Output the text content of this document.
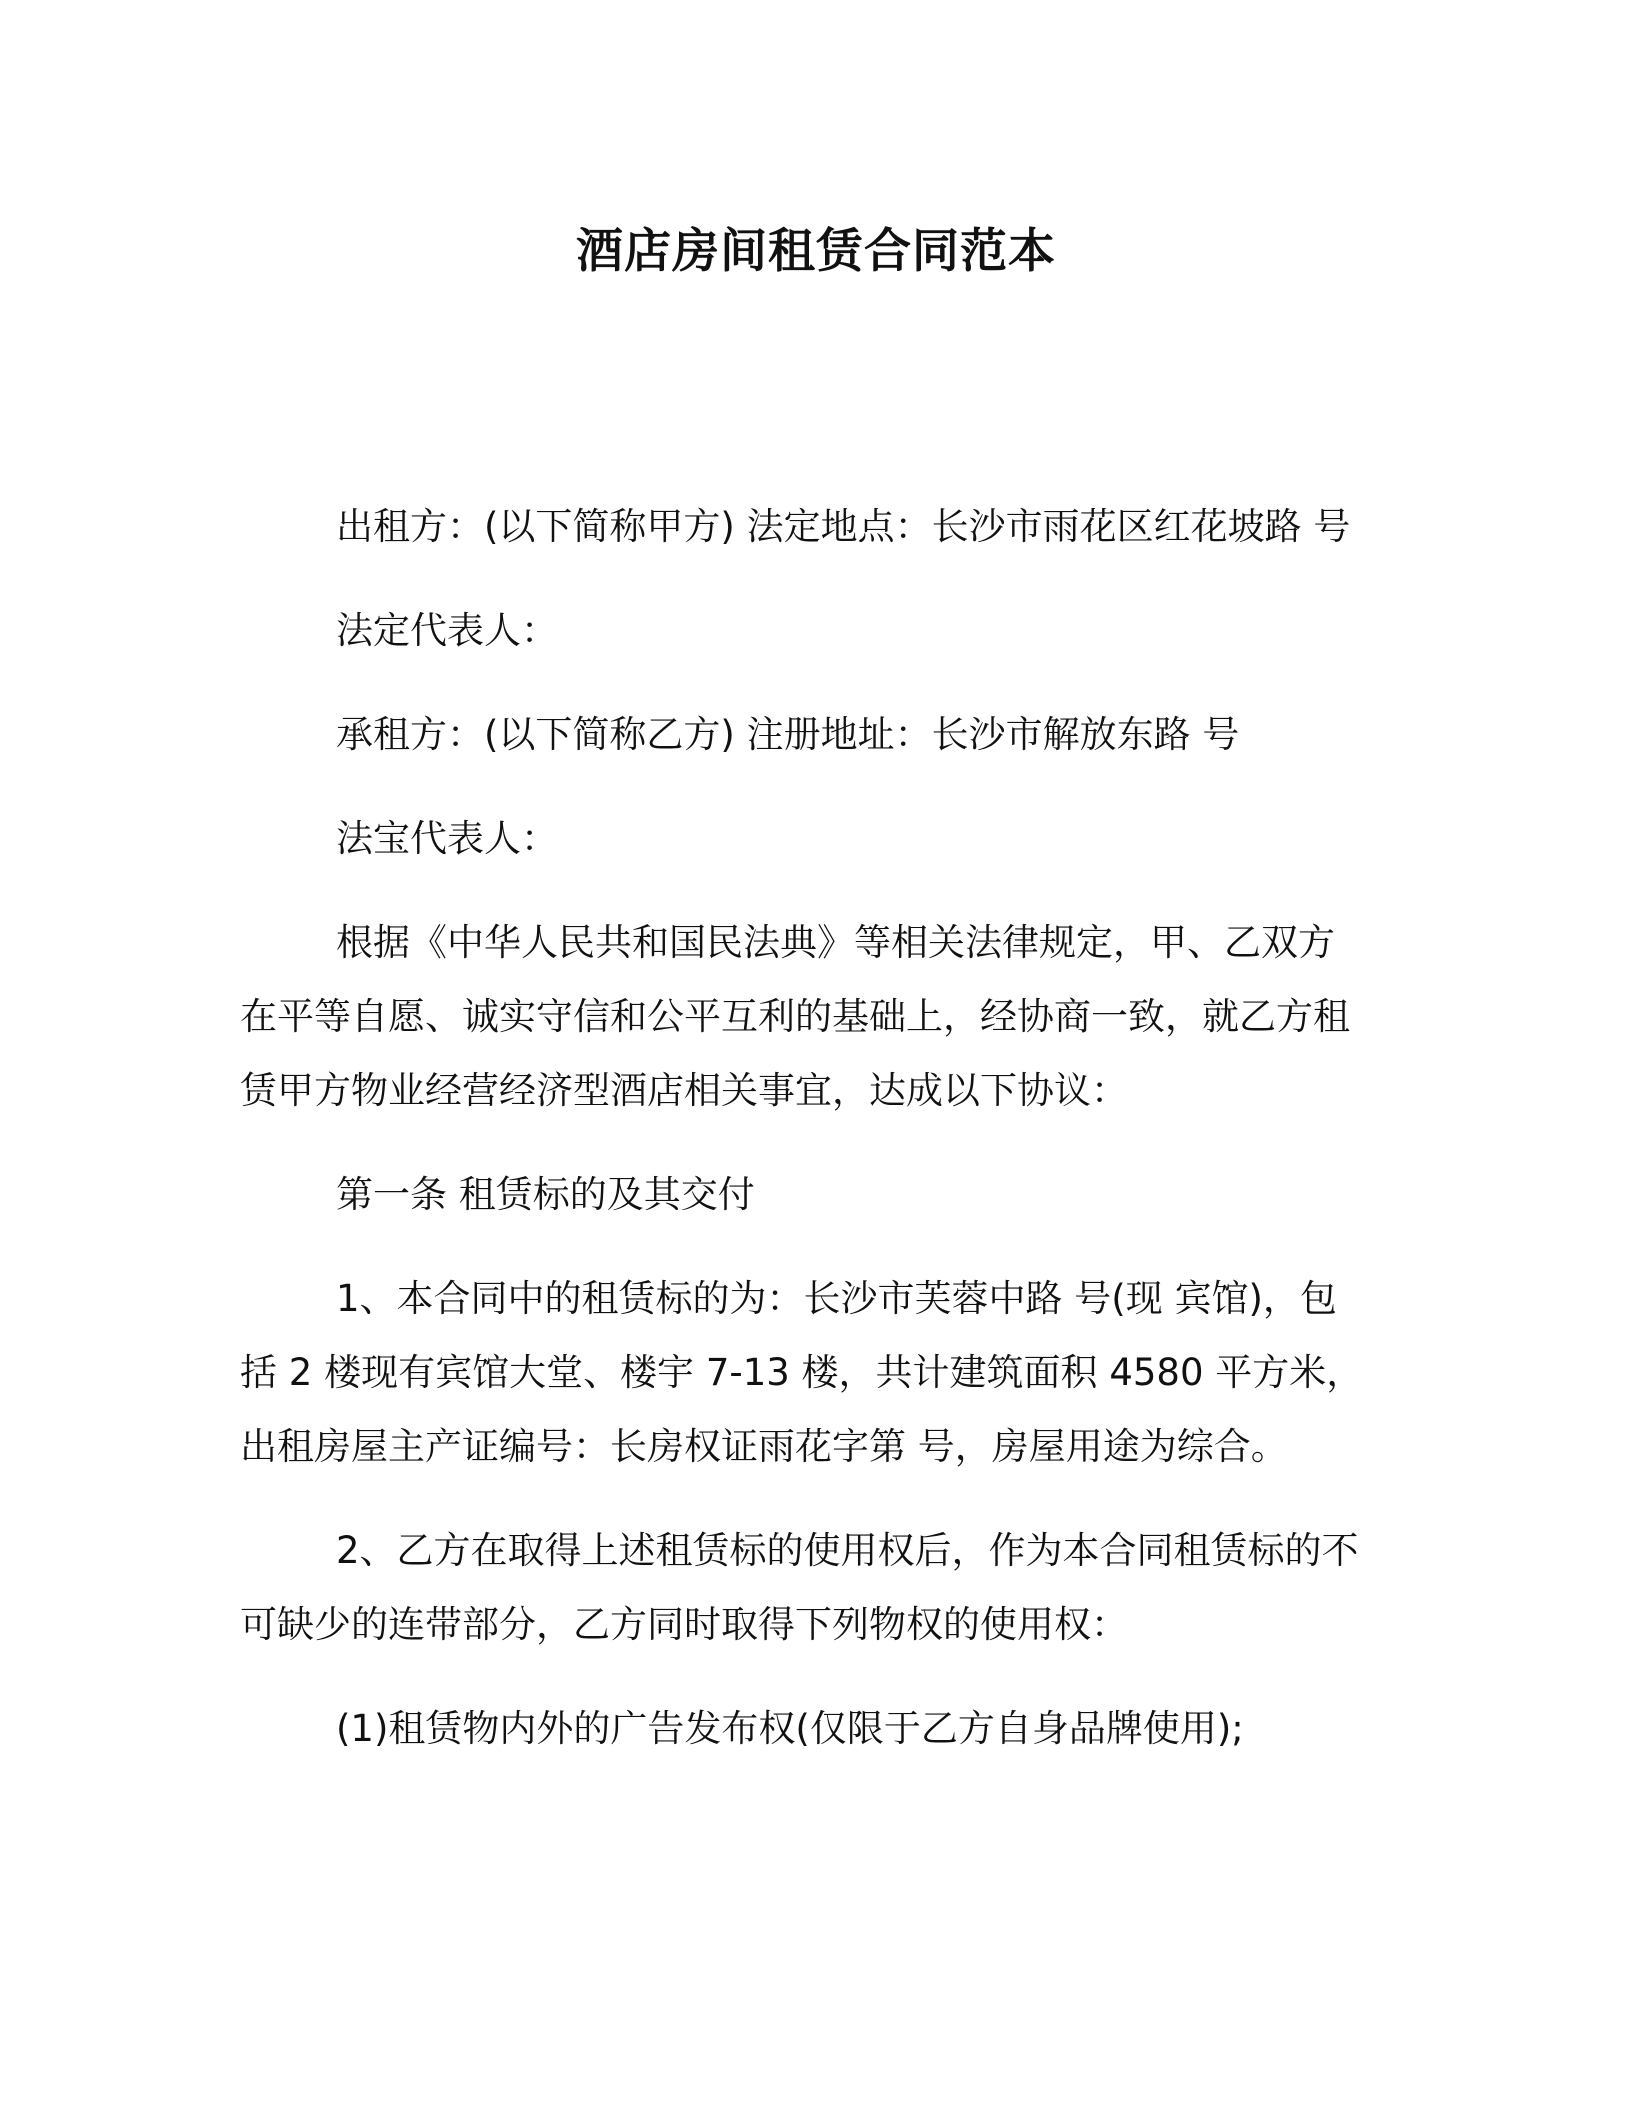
酒店房间租赁合同范本

出租方：(以下简称甲方) 法定地点：长沙市雨花区红花坡路 号

法定代表人：

承租方：(以下简称乙方) 注册地址：长沙市解放东路 号

法宝代表人：

根据《中华人民共和国民法典》等相关法律规定，甲、乙双方在平等自愿、诚实守信和公平互利的基础上，经协商一致，就乙方租赁甲方物业经营经济型酒店相关事宜，达成以下协议：

第一条 租赁标的及其交付

1、本合同中的租赁标的为：长沙市芙蓉中路 号(现 宾馆)，包括 2 楼现有宾馆大堂、楼宇 7-13 楼，共计建筑面积 4580 平方米，出租房屋主产证编号：长房权证雨花字第 号，房屋用途为综合。

2、乙方在取得上述租赁标的使用权后，作为本合同租赁标的不可缺少的连带部分，乙方同时取得下列物权的使用权：

(1)租赁物内外的广告发布权(仅限于乙方自身品牌使用);
